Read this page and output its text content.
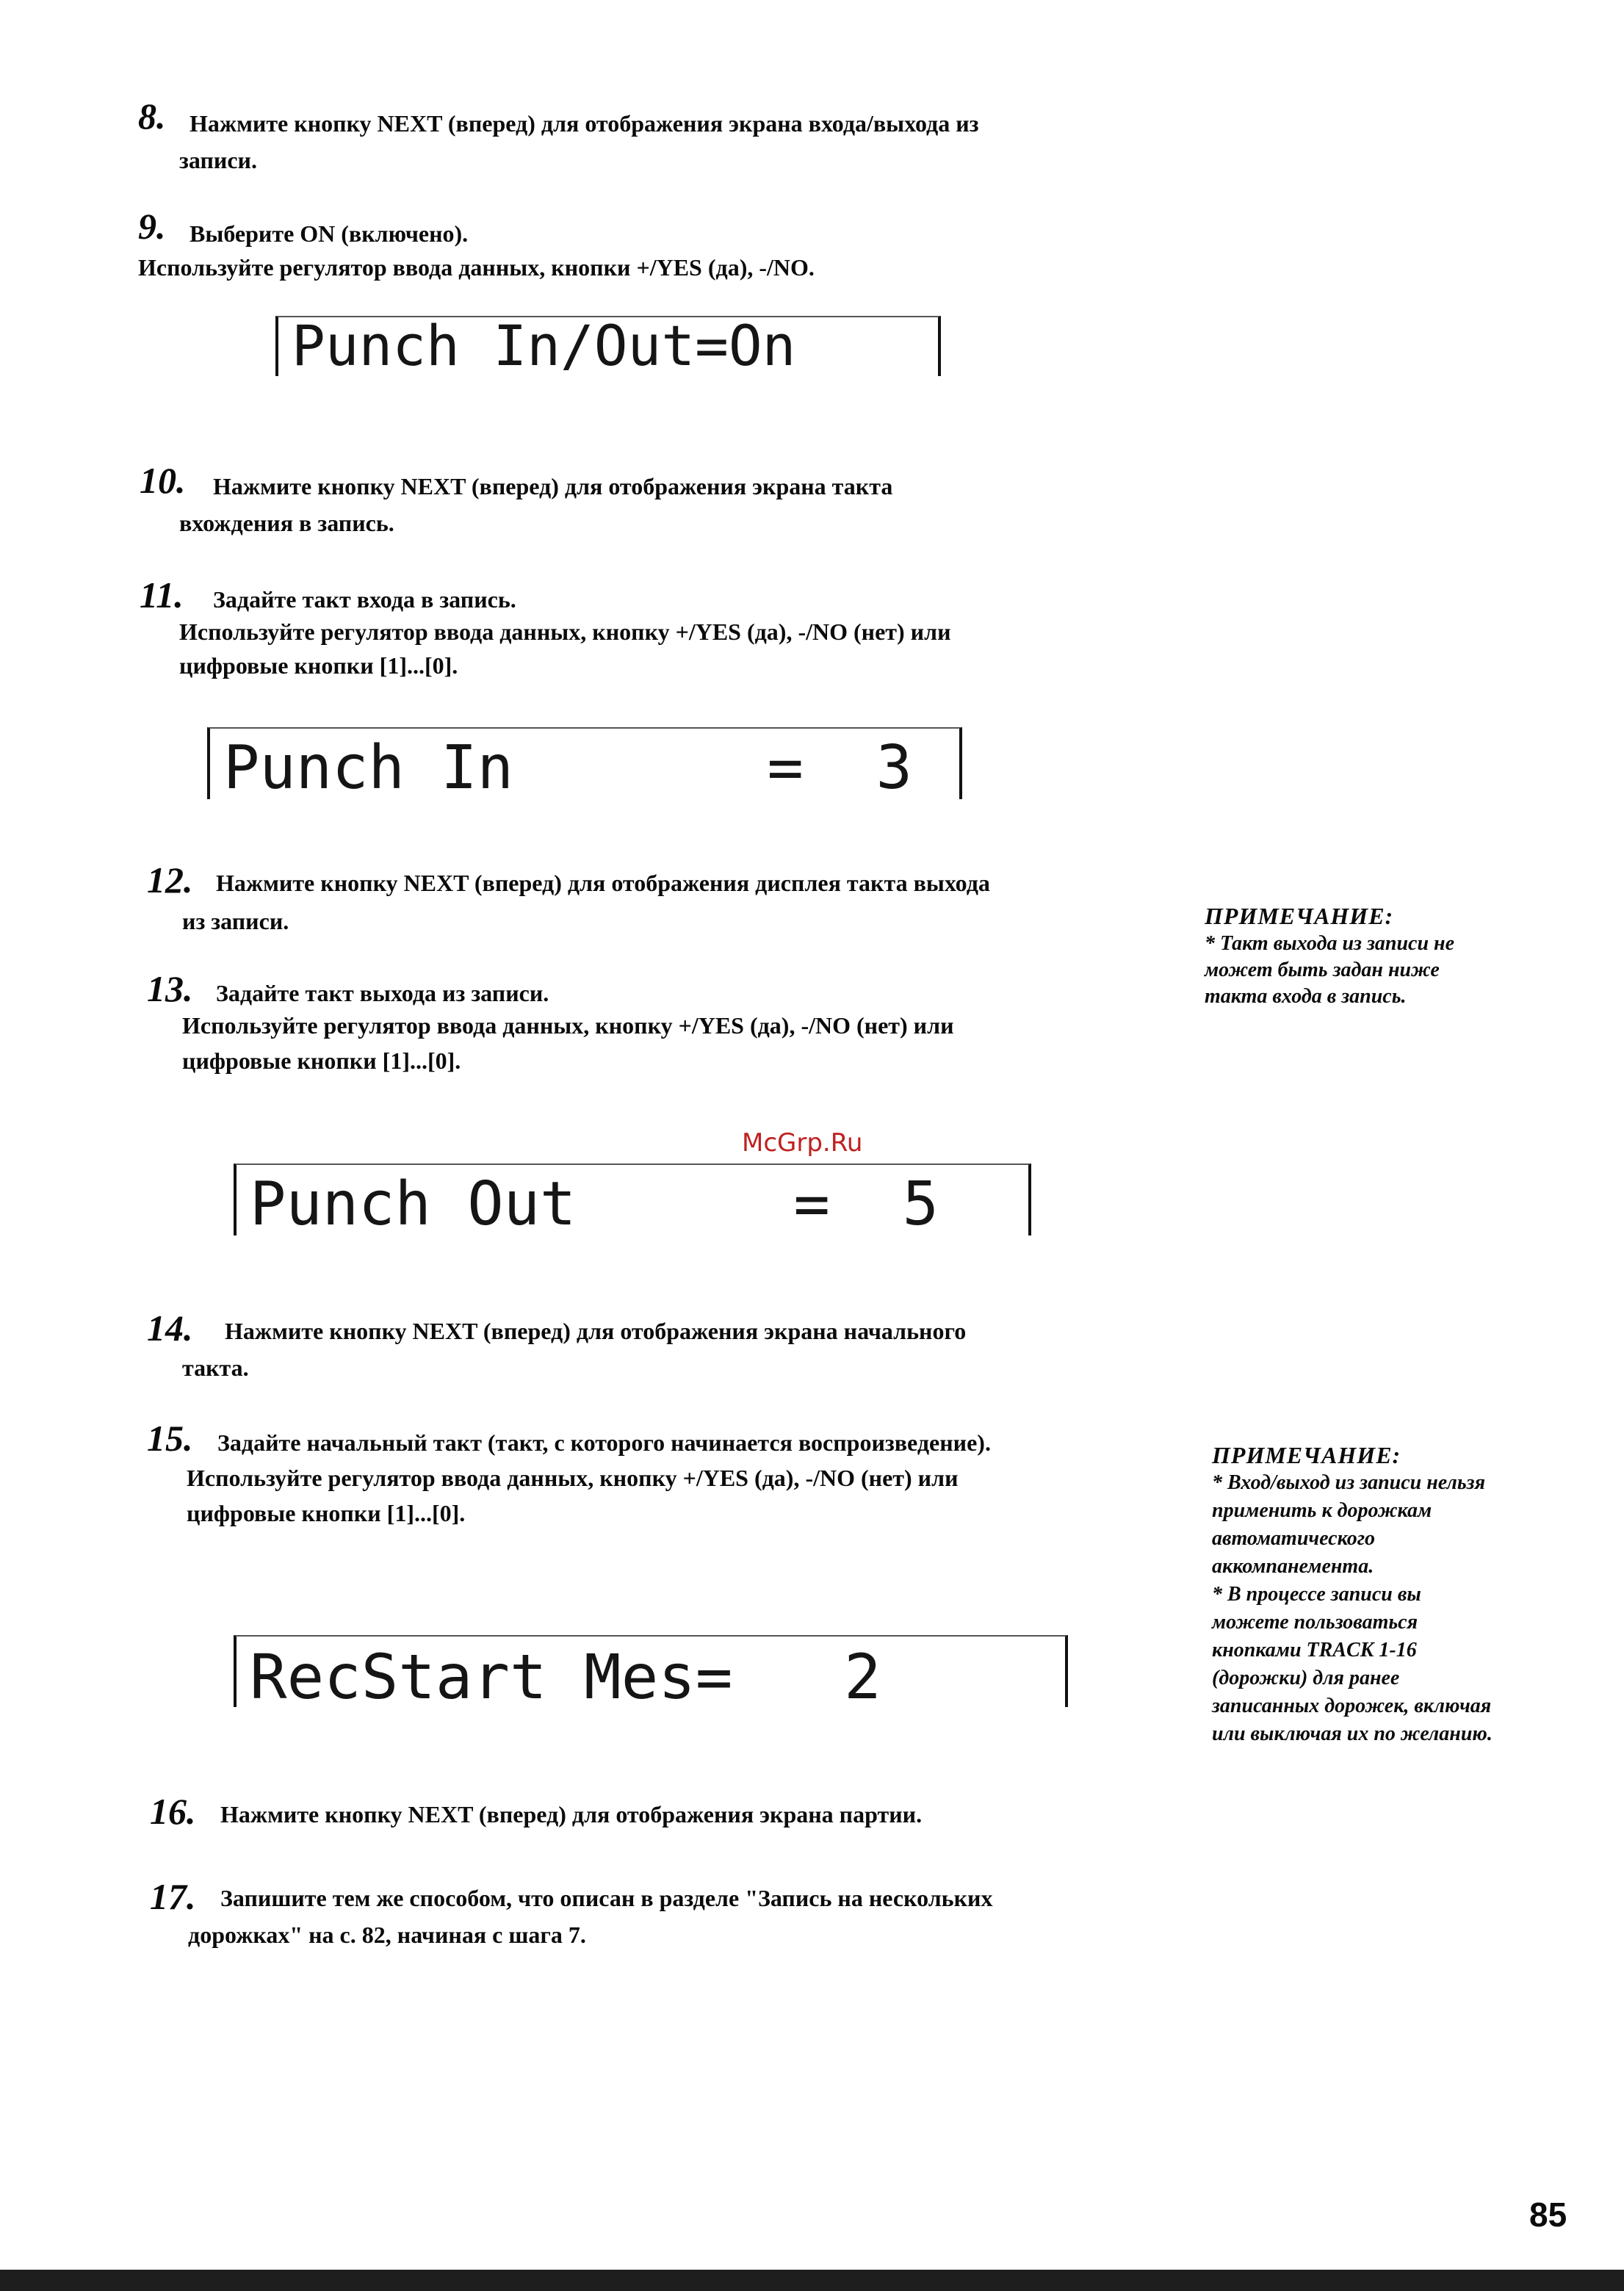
8. Нажмите кнопку NEXT (вперед) для отображения экрана входа/выхода из
записи.
9. Выберите ON (включено).
Используйте регулятор ввода данных, кнопки +/YES (да), -/NO.
Punch In/Out=On
10. Нажмите кнопку NEXT (вперед) для отображения экрана такта
вхождения в запись.
11. Задайте такт входа в запись.
Используйте регулятор ввода данных, кнопку +/YES (да), -/NO (нет) или
цифровые кнопки [1]...[0].
Punch In       =  3
12. Нажмите кнопку NEXT (вперед) для отображения дисплея такта выхода
из записи.
13. Задайте такт выхода из записи.
Используйте регулятор ввода данных, кнопку +/YES (да), -/NO (нет) или
цифровые кнопки [1]...[0].
McGrp.Ru
Punch Out      =  5
14. Нажмите кнопку NEXT (вперед) для отображения экрана начального
такта.
15. Задайте начальный такт (такт, с которого начинается воспроизведение).
Используйте регулятор ввода данных, кнопку +/YES (да), -/NO (нет) или
цифровые кнопки [1]...[0].
RecStart Mes=   2
16. Нажмите кнопку NEXT (вперед) для отображения экрана партии.
17. Запишите тем же способом, что описан в разделе "Запись на нескольких
дорожках" на с. 82, начиная с шага 7.
ПРИМЕЧАНИЕ:
* Такт выхода из записи не
может быть задан ниже
такта входа в запись.
ПРИМЕЧАНИЕ:
* Вход/выход из записи нельзя
применить к дорожкам
автоматического
аккомпанемента.
* В процессе записи вы
можете пользоваться
кнопками TRACK 1-16
(дорожки) для ранее
записанных дорожек, включая
или выключая их по желанию.
85
